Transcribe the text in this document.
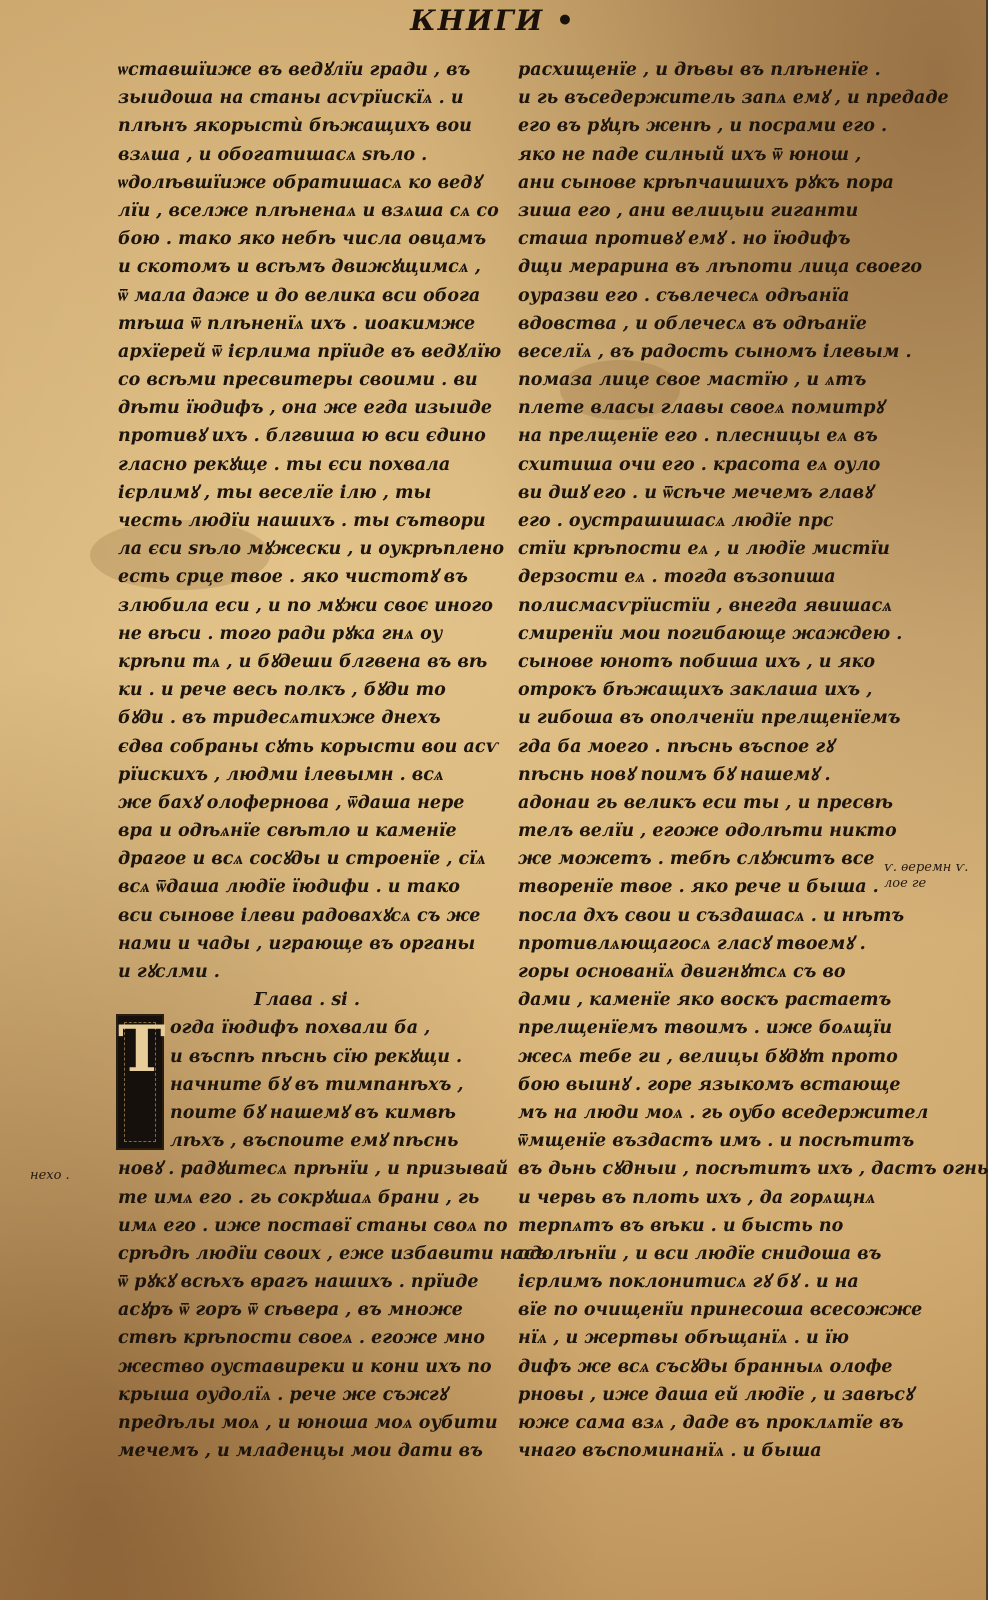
КНИГИ •
ѡставшїиже въ ведꙋлїи гради , въ
зыидоша на станы асѵрїискїѧ . и
плѣнъ якорыстѝ бѣжащихъ вои
взѧша , и обогатишасѧ ѕѣло .
ѡдолѣвшїиже обратишасѧ ко ведꙋ
лїи , вселже плѣненаѧ и взѧша сѧ со
бою . тако яко небѣ числа овцамъ
и скотомъ и всѣмъ движꙋщимсѧ ,
ѿ мала даже и до велика вси обога
тѣша ѿ плѣненїѧ ихъ . иоакимже
архїерей ѿ ієрлима прїиде въ ведꙋлїю
со всѣми пресвитеры своими . ви
дѣти їюдифъ , она же егда изыиде
противꙋ ихъ . блгвиша ю вси єдино
гласно рекꙋще . ты єси похвала
ієрлимꙋ , ты веселїе ілю , ты
честь людїи нашихъ . ты сътвори
ла єси ѕѣло мꙋжески , и оукрѣплено
есть срце твое . яко чистотꙋ въ
злюбила еси , и по мꙋжи своє иного
не вѣси . того ради рꙋка гнѧ оу
крѣпи тѧ , и бꙋдеши блгвена въ вѣ
ки . и рече весь полкъ , бꙋди то
бꙋди . въ тридесѧтихже днехъ
єдва собраны сꙋть корысти вои асѵ
рїискихъ , людми ілевымн . всѧ
же бахꙋ олоферновa , ѿдаша нере
вра и одѣѧнїе свѣтло и каменїе
драгое и всѧ сосꙋды и строенїе , сїѧ
всѧ ѿдаша людїе їюдифи . и тако
вси сынове ілеви радовахꙋсѧ съ же
нами и чады , играюще въ органы
и гꙋслми .
Глава . ѕі .
Т огда їюдифъ похвали ба ,
и въспѣ пѣснь сїю рекꙋщи .
начните бꙋ въ тимпанѣхъ ,
поите бꙋ нашемꙋ въ кимвѣ
лѣхъ , въспоите емꙋ пѣснь
новꙋ . радꙋитесѧ прѣнїи , и призывай
те имѧ его . гь сокрꙋшаѧ брани , гь
имѧ его . иже поставї станы своѧ по
срѣдѣ людїи своих , еже избавити насъ
ѿ рꙋкꙋ всѣхъ врагъ нашихъ . прїиде
асꙋръ ѿ горъ ѿ сѣвера , въ множе
ствѣ крѣпости своеѧ . егоже мно
жество оуставиреки и кони ихъ по
крыша оудолїѧ . рече же съжгꙋ
предѣлы моѧ , и юноша моѧ оубити
мечемъ , и младенцы мои дати въ
расхищенїе , и дѣвы въ плѣненїе .
и гь въседержитель запѧ емꙋ , и предаде
его въ рꙋцѣ женѣ , и посрами его .
яко не паде силный ихъ ѿ юнош ,
ани сынове крѣпчаишихъ рꙋкъ пора
зиша его , ани велицыи гиганти
сташа противꙋ емꙋ . но їюдифъ
дщи мерарина въ лѣпоти лица своего
оуразви его . съвлечесѧ одѣанїа
вдовства , и облечесѧ въ одѣанїе
веселїѧ , въ радость сыномъ ілевым .
помаза лице свое мастїю , и ѧтъ
плете власы главы своеѧ помитрꙋ
на прелщенїе его . плесницы еѧ въ
схитиша очи его . красота еѧ оуло
ви дшꙋ его . и ѿсѣче мечемъ главꙋ
его . оустрашишасѧ людїе прс
стїи крѣпости еѧ , и людїе мистїи
дерзости еѧ . тогда възопиша
полисмасѵрїистїи , внегда явишасѧ
смиренїи мои погибающе жаждею .
сынове юнотъ побиша ихъ , и яко
отрокъ бѣжащихъ заклаша ихъ ,
и гибоша въ ополченїи прелщенїемъ
гда ба моего . пѣснь въспое гꙋ
пѣснь новꙋ поимъ бꙋ нашемꙋ .
адонаи гь великъ еси ты , и пресвѣ
телъ велїи , егоже одолѣти никто
же можетъ . тебѣ слꙋжитъ все
творенїе твое . яко рече и быша .
посла дхъ свои и създашасѧ . и нѣтъ
противлѧющагосѧ гласꙋ твоемꙋ .
горы основанїѧ двигнꙋтсѧ съ во
дами , каменїе яко воскъ растаетъ
прелщенїемъ твоимъ . иже боѧщїи
жесѧ тебе ги , велицы бꙋдꙋт прото
бою выинꙋ . горе языкомъ встающе
мъ на люди моѧ . гь оубо вседержител
ѿмщенїе въздастъ имъ . и посѣтитъ
въ дьнь сꙋдныи , посѣтитъ ихъ , дастъ огнь
и червь въ плоть ихъ , да горѧщнѧ
терпѧтъ въ вѣки . и бысть по
одолѣнїи , и вси людїе снидоша въ
ієрлимъ поклонитисѧ гꙋ бꙋ . и на
вїе по очищенїи принесоша всесожже
нїѧ , и жертвы обѣщанїѧ . и їю
дифъ же всѧ съсꙋды бранныѧ олофе
рновы , иже даша ей людїе , и завѣсꙋ
юже сама взѧ , даде въ проклѧтїе въ
чнаго въспоминанїѧ . и быша
ѵ. ѳеремн ѵ. лое ге
нехо .
